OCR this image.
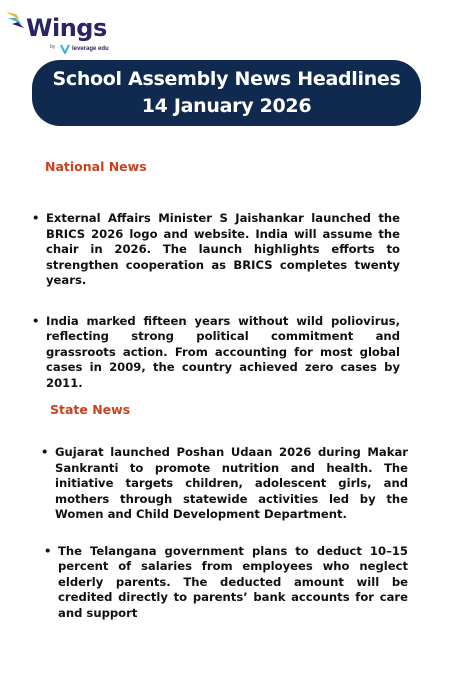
Wings
by	leverage edu
School Assembly News Headlines
14 January 2026
National News
• External Affairs Minister S Jaishankar launched the BRICS 2026 logo and website. India will assume the chair in 2026. The launch highlights efforts to strengthen cooperation as BRICS completes twenty years.
• India marked fifteen years without wild poliovirus, reflecting strong political commitment and grassroots action. From accounting for most global cases in 2009, the country achieved zero cases by 2011.
State News
• Gujarat launched Poshan Udaan 2026 during Makar Sankranti to promote nutrition and health. The initiative targets children, adolescent girls, and mothers through statewide activities led by the Women and Child Development Department.
• The Telangana government plans to deduct 10–15 percent of salaries from employees who neglect elderly parents. The deducted amount will be credited directly to parents’ bank accounts for care and support
